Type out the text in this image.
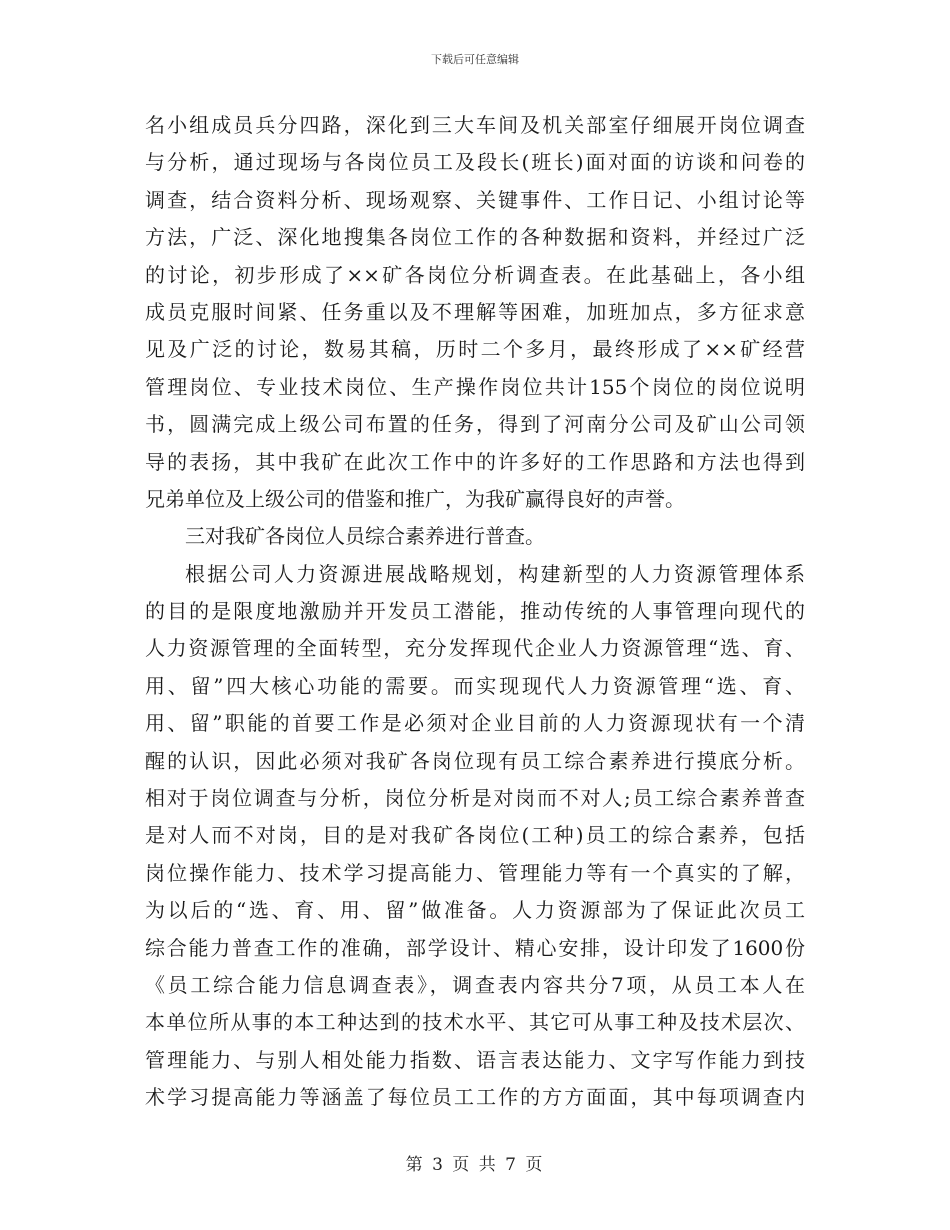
下载后可任意编辑
名小组成员兵分四路，深化到三大车间及机关部室仔细展开岗位调查
与分析，通过现场与各岗位员工及段长(班长)面对面的访谈和问卷的
调查，结合资料分析、现场观察、关键事件、工作日记、小组讨论等
方法，广泛、深化地搜集各岗位工作的各种数据和资料，并经过广泛
的讨论，初步形成了××矿各岗位分析调查表。在此基础上，各小组
成员克服时间紧、任务重以及不理解等困难，加班加点，多方征求意
见及广泛的讨论，数易其稿，历时二个多月，最终形成了××矿经营
管理岗位、专业技术岗位、生产操作岗位共计155个岗位的岗位说明
书，圆满完成上级公司布置的任务，得到了河南分公司及矿山公司领
导的表扬，其中我矿在此次工作中的许多好的工作思路和方法也得到
兄弟单位及上级公司的借鉴和推广，为我矿赢得良好的声誉。
三对我矿各岗位人员综合素养进行普查。
根据公司人力资源进展战略规划，构建新型的人力资源管理体系
的目的是限度地激励并开发员工潜能，推动传统的人事管理向现代的
人力资源管理的全面转型，充分发挥现代企业人力资源管理“选、育、
用、留”四大核心功能的需要。而实现现代人力资源管理“选、育、
用、留”职能的首要工作是必须对企业目前的人力资源现状有一个清
醒的认识，因此必须对我矿各岗位现有员工综合素养进行摸底分析。
相对于岗位调查与分析，岗位分析是对岗而不对人;员工综合素养普查
是对人而不对岗，目的是对我矿各岗位(工种)员工的综合素养，包括
岗位操作能力、技术学习提高能力、管理能力等有一个真实的了解，
为以后的“选、育、用、留”做准备。人力资源部为了保证此次员工
综合能力普查工作的准确，部学设计、精心安排，设计印发了1600份
《员工综合能力信息调查表》，调查表内容共分7项，从员工本人在
本单位所从事的本工种达到的技术水平、其它可从事工种及技术层次、
管理能力、与别人相处能力指数、语言表达能力、文字写作能力到技
术学习提高能力等涵盖了每位员工工作的方方面面，其中每项调查内
第 3 页 共 7 页
